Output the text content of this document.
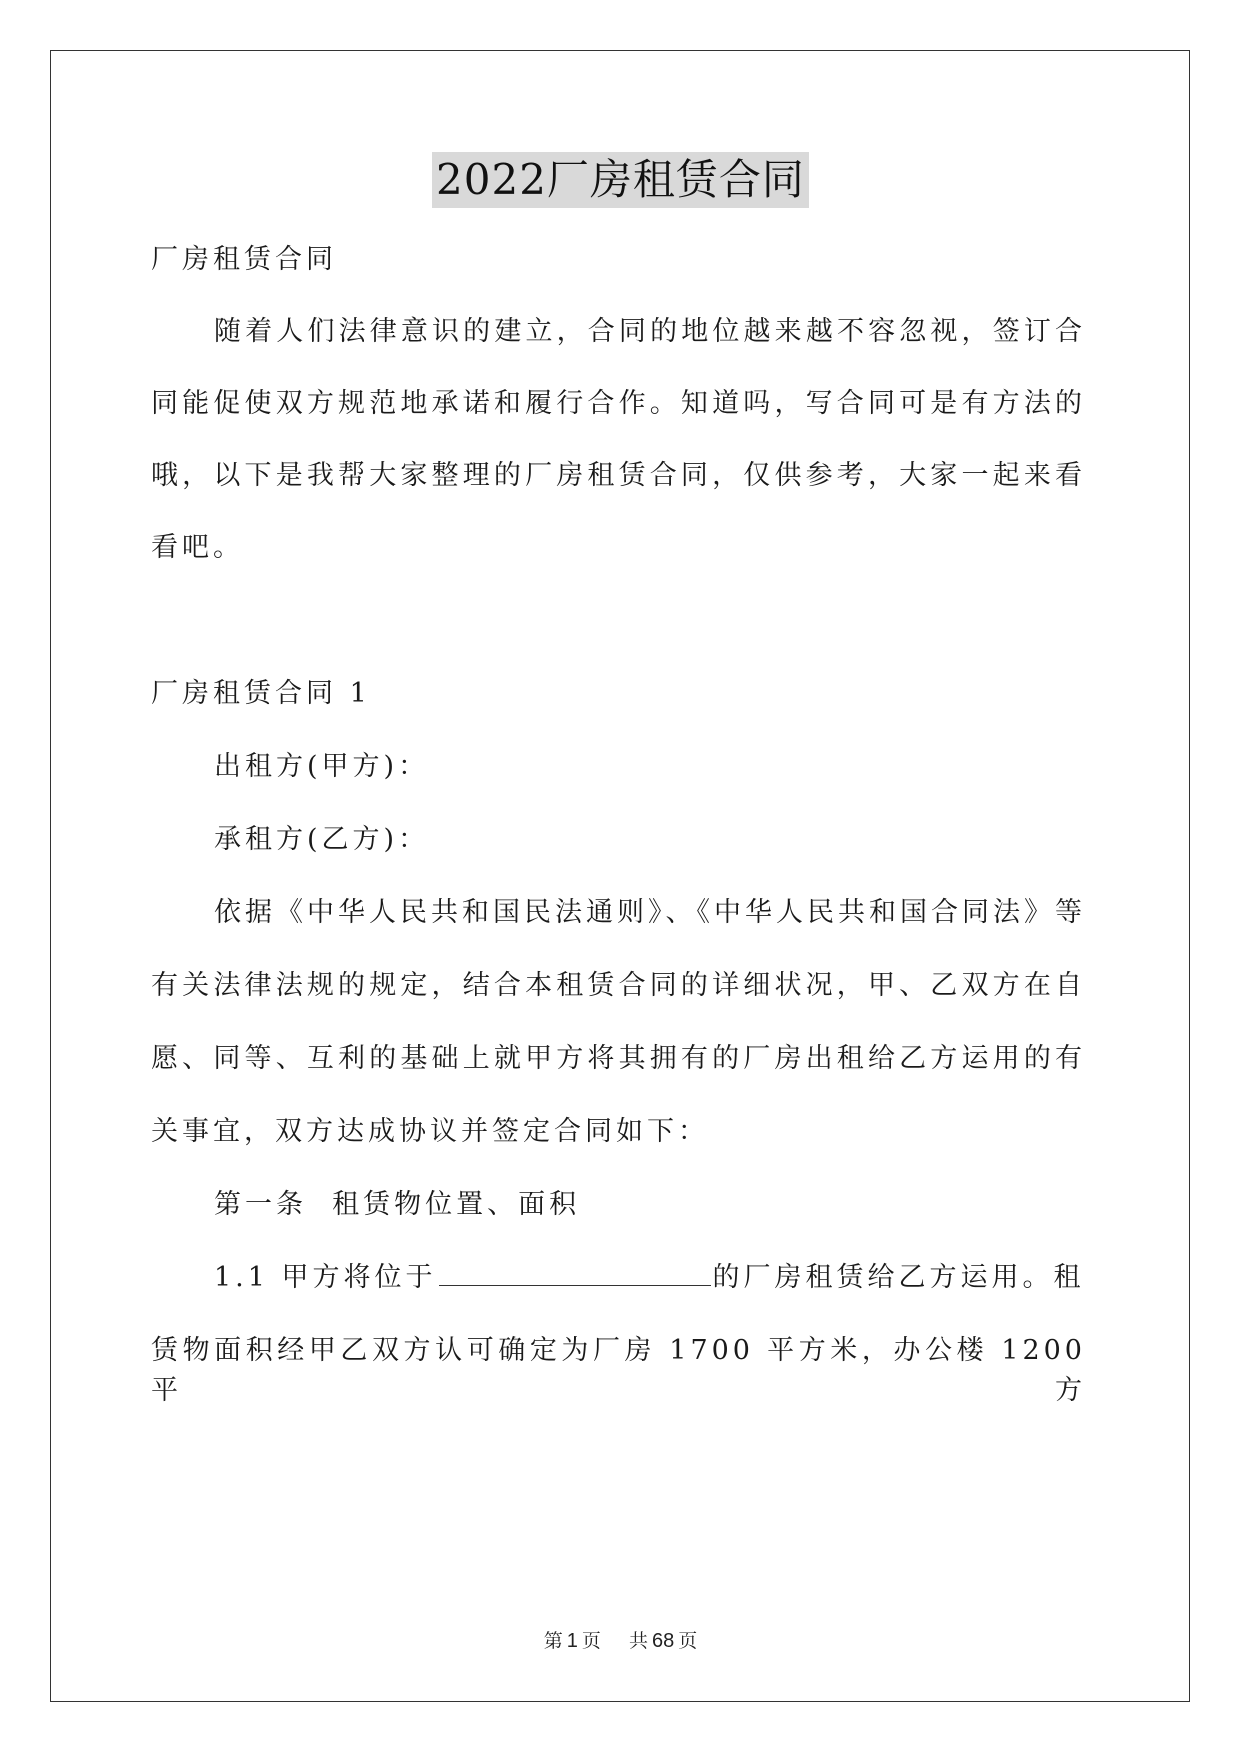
2022厂房租赁合同
厂房租赁合同
随着人们法律意识的建立，合同的地位越来越不容忽视，签订合
同能促使双方规范地承诺和履行合作。知道吗，写合同可是有方法的
哦，以下是我帮大家整理的厂房租赁合同，仅供参考，大家一起来看
看吧。
厂房租赁合同 1
出租方(甲方)：
承租方(乙方)：
依据《中华人民共和国民法通则》、《中华人民共和国合同法》等
有关法律法规的规定，结合本租赁合同的详细状况，甲、乙双方在自
愿、同等、互利的基础上就甲方将其拥有的厂房出租给乙方运用的有
关事宜，双方达成协议并签定合同如下：
第一条  租赁物位置、面积
1.1 甲方将位于	的厂房租赁给乙方运用。租
赁物面积经甲乙双方认可确定为厂房 1700 平方米，办公楼 1200 平方
第 1 页 共 68 页
